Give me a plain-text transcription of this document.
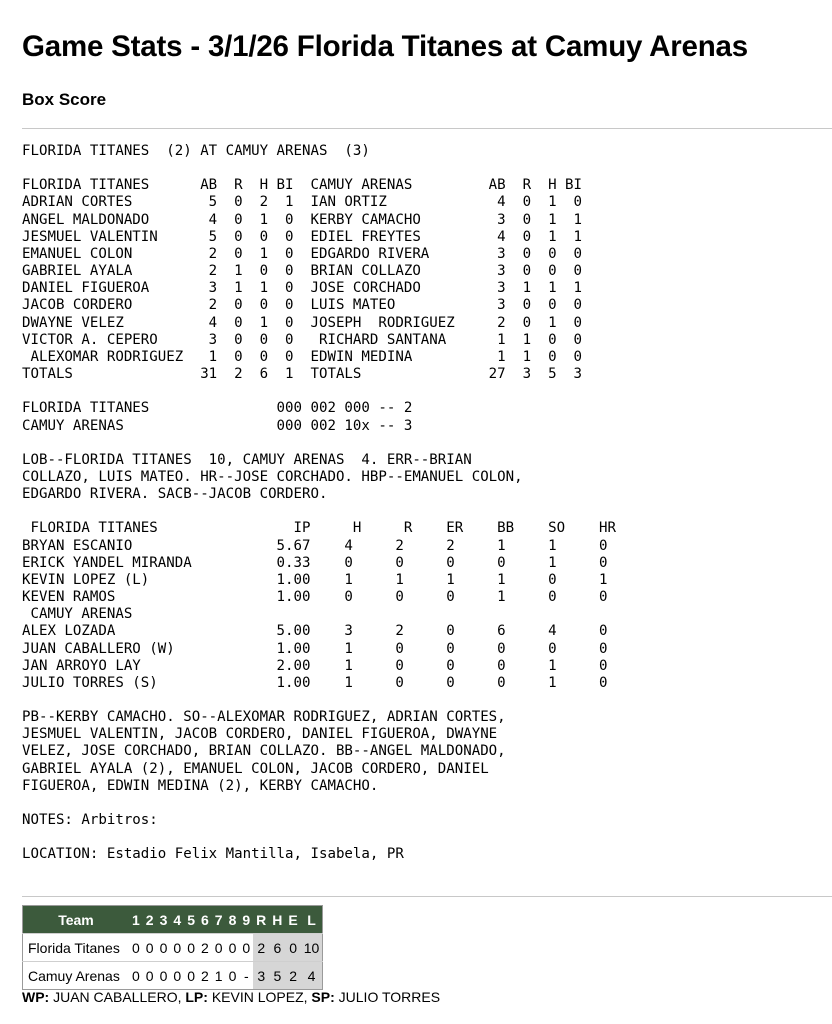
Game Stats - 3/1/26 Florida Titanes at Camuy Arenas
Box Score
FLORIDA TITANES  (2) AT CAMUY ARENAS  (3)

FLORIDA TITANES      AB  R  H BI  CAMUY ARENAS         AB  R  H BI
ADRIAN CORTES         5  0  2  1  IAN ORTIZ             4  0  1  0
ANGEL MALDONADO       4  0  1  0  KERBY CAMACHO         3  0  1  1
JESMUEL VALENTIN      5  0  0  0  EDIEL FREYTES         4  0  1  1
EMANUEL COLON         2  0  1  0  EDGARDO RIVERA        3  0  0  0
GABRIEL AYALA         2  1  0  0  BRIAN COLLAZO         3  0  0  0
DANIEL FIGUEROA       3  1  1  0  JOSE CORCHADO         3  1  1  1
JACOB CORDERO         2  0  0  0  LUIS MATEO            3  0  0  0
DWAYNE VELEZ          4  0  1  0  JOSEPH  RODRIGUEZ     2  0  1  0
VICTOR A. CEPERO      3  0  0  0   RICHARD SANTANA      1  1  0  0
ALEXOMAR RODRIGUEZ   1  0  0  0  EDWIN MEDINA          1  1  0  0
TOTALS               31  2  6  1  TOTALS               27  3  5  3

FLORIDA TITANES               000 002 000 -- 2
CAMUY ARENAS                  000 002 10x -- 3

LOB--FLORIDA TITANES  10, CAMUY ARENAS  4. ERR--BRIAN
COLLAZO, LUIS MATEO. HR--JOSE CORCHADO. HBP--EMANUEL COLON,
EDGARDO RIVERA. SACB--JACOB CORDERO.

FLORIDA TITANES                IP     H     R    ER    BB    SO    HR
BRYAN ESCANIO                 5.67    4     2     2     1     1     0
ERICK YANDEL MIRANDA          0.33    0     0     0     0     1     0
KEVIN LOPEZ (L)               1.00    1     1     1     1     0     1
KEVEN RAMOS                   1.00    0     0     0     1     0     0
CAMUY ARENAS
ALEX LOZADA                   5.00    3     2     0     6     4     0
JUAN CABALLERO (W)            1.00    1     0     0     0     0     0
JAN ARROYO LAY                2.00    1     0     0     0     1     0
JULIO TORRES (S)              1.00    1     0     0     0     1     0

PB--KERBY CAMACHO. SO--ALEXOMAR RODRIGUEZ, ADRIAN CORTES,
JESMUEL VALENTIN, JACOB CORDERO, DANIEL FIGUEROA, DWAYNE
VELEZ, JOSE CORCHADO, BRIAN COLLAZO. BB--ANGEL MALDONADO,
GABRIEL AYALA (2), EMANUEL COLON, JACOB CORDERO, DANIEL
FIGUEROA, EDWIN MEDINA (2), KERBY CAMACHO.

NOTES: Arbitros:

LOCATION: Estadio Felix Mantilla, Isabela, PR
Team	1	2	3	4	5	6	7	8	9	R	H	E	L
Florida Titanes	0	0	0	0	0	2	0	0	0	2	6	0	10
Camuy Arenas	0	0	0	0	0	2	1	0	-	3	5	2	4

WP: JUAN CABALLERO, LP: KEVIN LOPEZ, SP: JULIO TORRES
